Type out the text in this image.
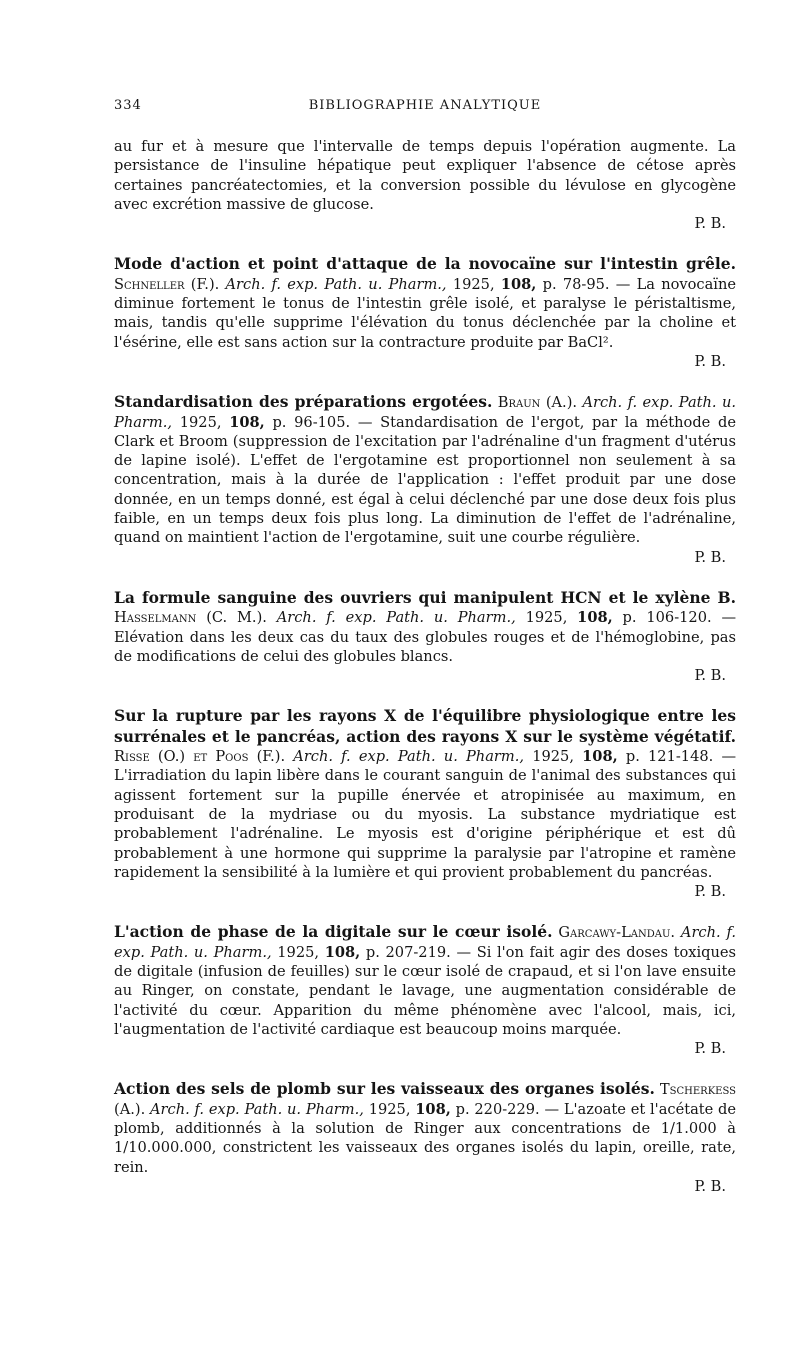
334	BIBLIOGRAPHIE ANALYTIQUE

au fur et à mesure que l'intervalle de temps depuis l'opération augmente. La persistance de l'insuline hépatique peut expliquer l'absence de cétose après certaines pancréatectomies, et la conversion possible du lévulose en glycogène avec excrétion massive de glucose.
P. B.

Mode d'action et point d'attaque de la novocaïne sur l'intestin grêle. Schneller (F.). Arch. f. exp. Path. u. Pharm., 1925, 108, p. 78-95. — La novocaïne diminue fortement le tonus de l'intestin grêle isolé, et paralyse le péristaltisme, mais, tandis qu'elle supprime l'élévation du tonus déclenchée par la choline et l'ésérine, elle est sans action sur la contracture produite par BaCl².
P. B.

Standardisation des préparations ergotées. Braun (A.). Arch. f. exp. Path. u. Pharm., 1925, 108, p. 96-105. — Standardisation de l'ergot, par la méthode de Clark et Broom (suppression de l'excitation par l'adrénaline d'un fragment d'utérus de lapine isolé). L'effet de l'ergotamine est proportionnel non seulement à sa concentration, mais à la durée de l'application : l'effet produit par une dose donnée, en un temps donné, est égal à celui déclenché par une dose deux fois plus faible, en un temps deux fois plus long. La diminution de l'effet de l'adrénaline, quand on maintient l'action de l'ergotamine, suit une courbe régulière.
P. B.

La formule sanguine des ouvriers qui manipulent HCN et le xylène B. Hasselmann (C. M.). Arch. f. exp. Path. u. Pharm., 1925, 108, p. 106-120. — Elévation dans les deux cas du taux des globules rouges et de l'hémoglobine, pas de modifications de celui des globules blancs.
P. B.

Sur la rupture par les rayons X de l'équilibre physiologique entre les surrénales et le pancréas, action des rayons X sur le système végétatif. Risse (O.) et Poos (F.). Arch. f. exp. Path. u. Pharm., 1925, 108, p. 121-148. — L'irradiation du lapin libère dans le courant sanguin de l'animal des substances qui agissent fortement sur la pupille énervée et atropinisée au maximum, en produisant de la mydriase ou du myosis. La substance mydriatique est probablement l'adrénaline. Le myosis est d'origine périphérique et est dû probablement à une hormone qui supprime la paralysie par l'atropine et ramène rapidement la sensibilité à la lumière et qui provient probablement du pancréas.
P. B.

L'action de phase de la digitale sur le cœur isolé. Garcawy-Landau. Arch. f. exp. Path. u. Pharm., 1925, 108, p. 207-219. — Si l'on fait agir des doses toxiques de digitale (infusion de feuilles) sur le cœur isolé de crapaud, et si l'on lave ensuite au Ringer, on constate, pendant le lavage, une augmentation considérable de l'activité du cœur. Apparition du même phénomène avec l'alcool, mais, ici, l'augmentation de l'activité cardiaque est beaucoup moins marquée.
P. B.

Action des sels de plomb sur les vaisseaux des organes isolés. Tscherkess (A.). Arch. f. exp. Path. u. Pharm., 1925, 108, p. 220-229. — L'azoate et l'acétate de plomb, additionnés à la solution de Ringer aux concentrations de 1/1.000 à 1/10.000.000, constrictent les vaisseaux des organes isolés du lapin, oreille, rate, rein.
P. B.
